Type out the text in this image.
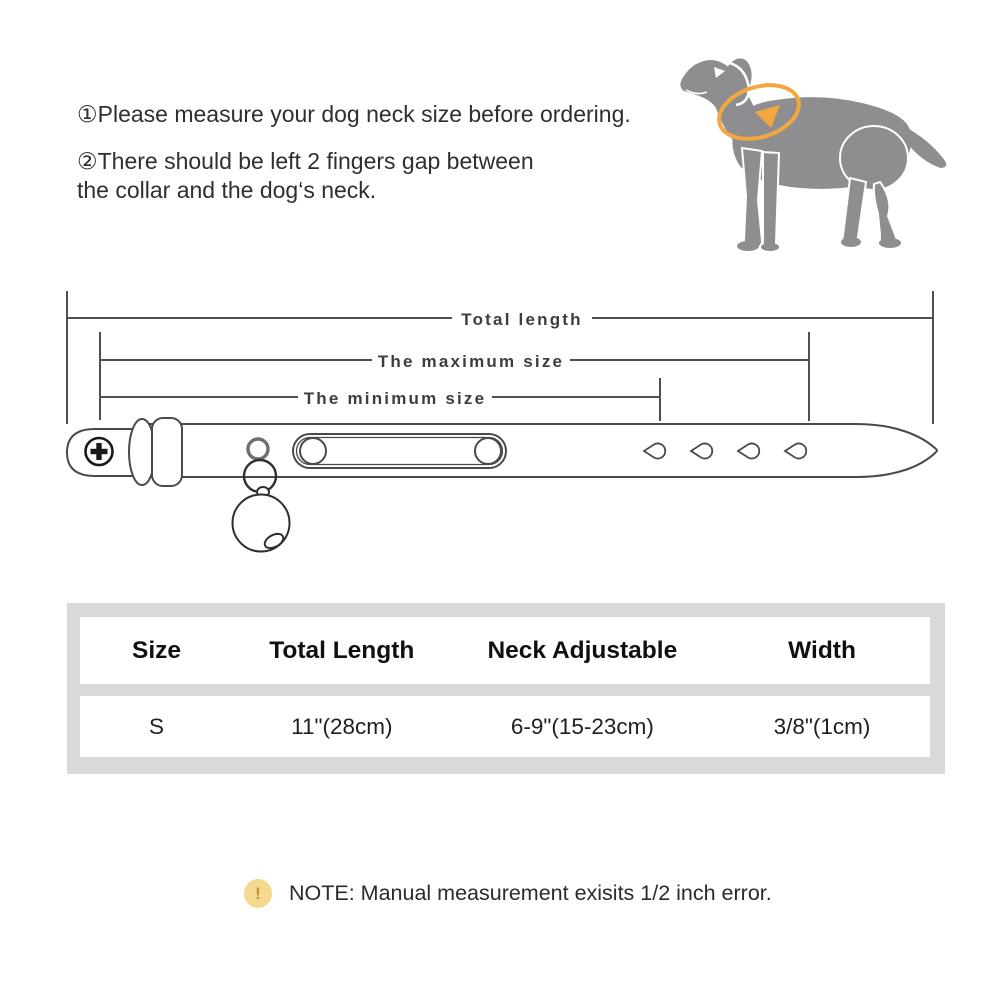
①Please measure your dog neck size before ordering.

②There should be left 2 fingers gap between
the collar and the dog‘s neck.

Total length
The maximum size
The minimum size
Size	Total Length	Neck Adjustable	Width
S	11"(28cm)	6-9"(15-23cm)	3/8"(1cm)
!	NOTE: Manual measurement exisits 1/2 inch error.
